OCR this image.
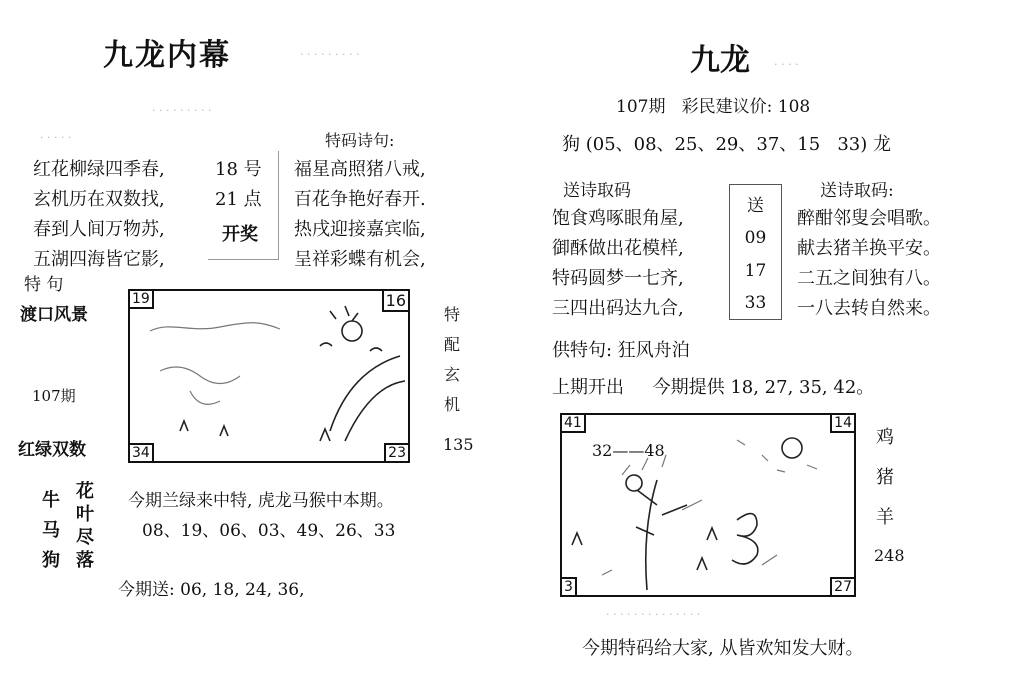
九龙内幕	· · · · · · · · ·
· · · · · · · · ·
· · · · ·	特码诗句:
红花柳绿四季春,
玄机历在双数找,
春到人间万物苏,
五湖四海皆它影,
18 号
21 点
开奖
福星高照猪八戒,
百花争艳好春开.
热戌迎接嘉宾临,
呈祥彩蝶有机会,
特 句
渡口风景
107期
红绿双数
19	16
34	23
特
配
玄
机
135
牛
马
狗
花
叶
尽
落
今期兰绿来中特, 虎龙马猴中本期。
08、19、06、03、49、26、33
今期送: 06, 18, 24, 36,
九龙 · · · ·
107期   彩民建议价: 108
狗 (05、08、25、29、37、15   33) 龙
送诗取码	送诗取码:
饱食鸡啄眼角屋,
御酥做出花模样,
特码圆梦一七齐,
三四出码达九合,
送
09
17
33
醉酣邻叟会唱歌。
献去猪羊换平安。
二五之间独有八。
一八去转自然来。
供特句: 狂风舟泊
上期开出     今期提供 18, 27, 35, 42。
32——48
41	14
3	27
鸡
猪
羊
248
· · · · · · · · · · · · · ·
今期特码给大家, 从皆欢知发大财。
